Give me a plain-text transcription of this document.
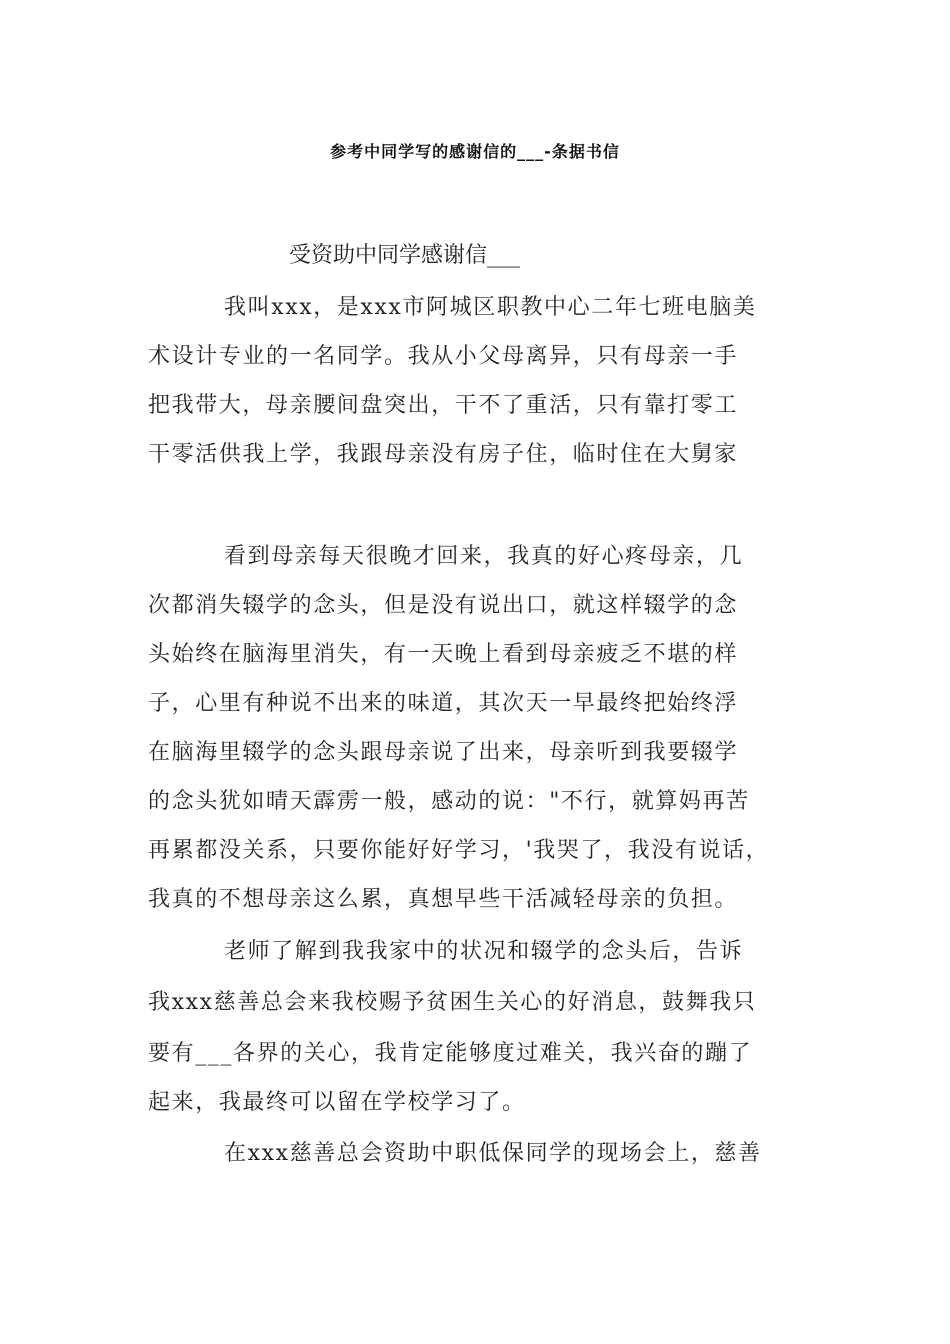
参考中同学写的感谢信的___-条据书信
受资助中同学感谢信___
我叫xxx，是xxx市阿城区职教中心二年七班电脑美
术设计专业的一名同学。我从小父母离异，只有母亲一手
把我带大，母亲腰间盘突出，干不了重活，只有靠打零工
干零活供我上学，我跟母亲没有房子住，临时住在大舅家
看到母亲每天很晚才回来，我真的好心疼母亲，几
次都消失辍学的念头，但是没有说出口，就这样辍学的念
头始终在脑海里消失，有一天晚上看到母亲疲乏不堪的样
子，心里有种说不出来的味道，其次天一早最终把始终浮
在脑海里辍学的念头跟母亲说了出来，母亲听到我要辍学
的念头犹如晴天霹雳一般，感动的说："不行，就算妈再苦
再累都没关系，只要你能好好学习，'我哭了，我没有说话，
我真的不想母亲这么累，真想早些干活减轻母亲的负担。
老师了解到我我家中的状况和辍学的念头后，告诉
我xxx慈善总会来我校赐予贫困生关心的好消息，鼓舞我只
要有___各界的关心，我肯定能够度过难关，我兴奋的蹦了
起来，我最终可以留在学校学习了。
在xxx慈善总会资助中职低保同学的现场会上，慈善
